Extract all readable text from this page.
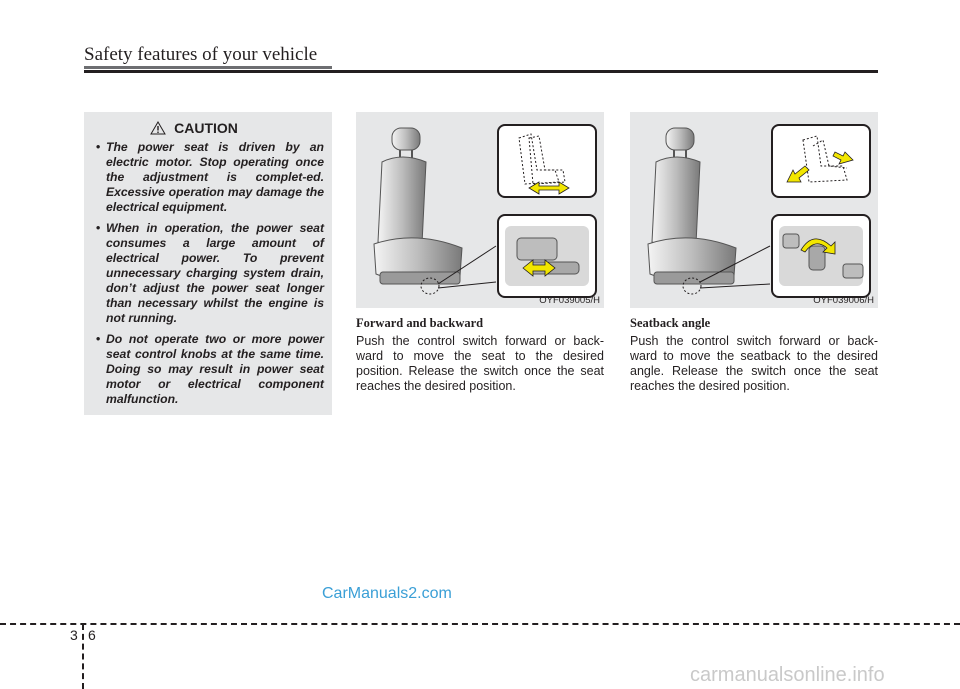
Safety features of your vehicle
CAUTION
• The power seat is driven by an electric motor. Stop operating once the adjustment is complet-ed. Excessive operation may damage the electrical equipment.
• When in operation, the power seat consumes a large amount of electrical power. To prevent unnecessary charging system drain, don’t adjust the power seat longer than necessary whilst the engine is not running.
• Do not operate two or more power seat control knobs at the same time. Doing so may result in power seat motor or electrical component malfunction.
OYF039005/H	OYF039006/H
Forward and backward
Push the control switch forward or back-ward to move the seat to the desired position. Release the switch once the seat reaches the desired position.
Seatback angle
Push the control switch forward or back-ward to move the seatback to the desired angle. Release the switch once the seat reaches the desired position.
CarManuals2.com
3 6
carmanualsonline.info
